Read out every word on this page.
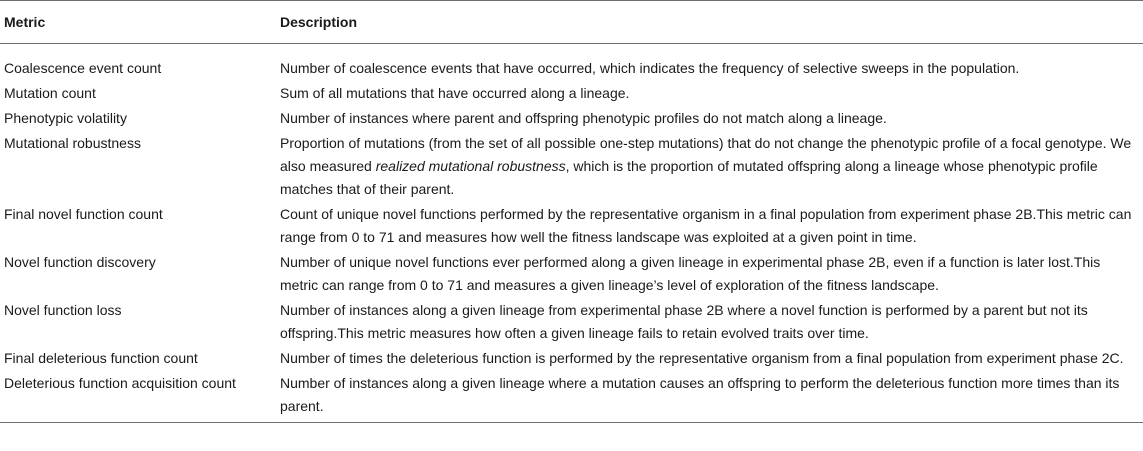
Metric	Description

Coalescence event count	Number of coalescence events that have occurred, which indicates the frequency of selective sweeps in the population.
Mutation count	Sum of all mutations that have occurred along a lineage.
Phenotypic volatility	Number of instances where parent and offspring phenotypic profiles do not match along a lineage.
Mutational robustness	Proportion of mutations (from the set of all possible one-step mutations) that do not change the phenotypic profile of a focal genotype. We also measured realized mutational robustness, which is the proportion of mutated offspring along a lineage whose phenotypic profile matches that of their parent.
Final novel function count	Count of unique novel functions performed by the representative organism in a final population from experiment phase 2B.This metric can range from 0 to 71 and measures how well the fitness landscape was exploited at a given point in time.
Novel function discovery	Number of unique novel functions ever performed along a given lineage in experimental phase 2B, even if a function is later lost.This metric can range from 0 to 71 and measures a given lineage’s level of exploration of the fitness landscape.
Novel function loss	Number of instances along a given lineage from experimental phase 2B where a novel function is performed by a parent but not its offspring.This metric measures how often a given lineage fails to retain evolved traits over time.
Final deleterious function count	Number of times the deleterious function is performed by the representative organism from a final population from experiment phase 2C.
Deleterious function acquisition count	Number of instances along a given lineage where a mutation causes an offspring to perform the deleterious function more times than its parent.
